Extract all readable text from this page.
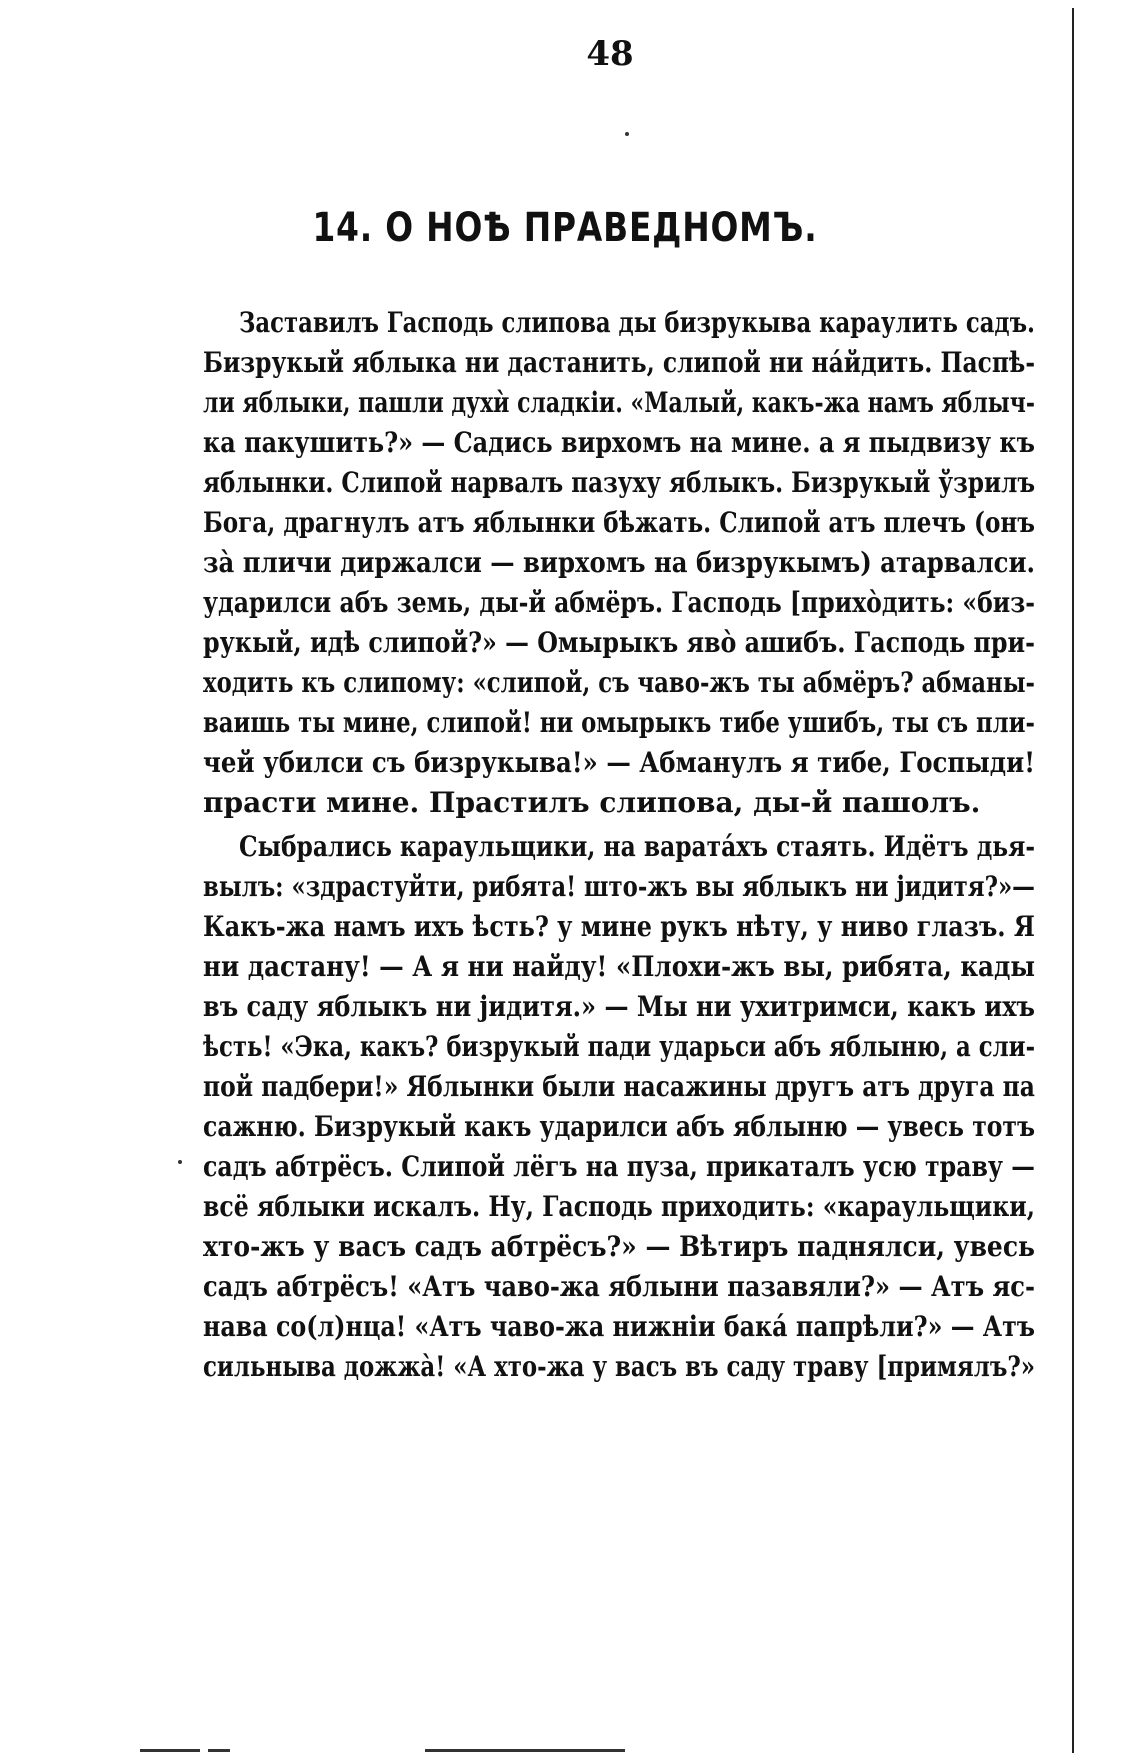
48
14. О НОѢ ПРАВЕДНОМЪ.
Заставилъ Гасподь слипова ды бизрукыва караулить садъ.
Бизрукый яблыка ни дастанить, слипой ни на́йдить. Паспѣ-
ли яблыки, пашли духѝ сладкiи. «Малый, какъ-жа намъ яблыч-
ка пакушить?» — Садись вирхомъ на мине. а я пыдвизу къ
яблынки. Слипой нарвалъ пазуху яблыкъ. Бизрукый ўзрилъ
Бога, драгнулъ атъ яблынки бѣжать. Слипой атъ плечъ (онъ
за̀ пличи диржалси — вирхомъ на бизрукымъ) атарвалси.
ударилси абъ земь, ды-й абмёръ. Гасподь [прихо̀дить: «биз-
рукый, идѣ слипой?» — Омырыкъ яво̀ ашибъ. Гасподь при-
ходить къ слипому: «слипой, съ чаво-жъ ты абмёръ? абманы-
ваишь ты мине, слипой! ни омырыкъ тибе ушибъ, ты съ пли-
чей убилси съ бизрукыва!» — Абманулъ я тибе, Госпыди!
прасти мине. Прастилъ слипова, ды-й пашолъ.
Сыбрались караульщики, на варата́хъ стаять. Идётъ дья-
вылъ: «здрастуйти, рибята! што-жъ вы яблыкъ ни јидитя?»—
Какъ-жа намъ ихъ ѣсть? у мине рукъ нѣту, у ниво глазъ. Я
ни дастану! — А я ни найду! «Плохи-жъ вы, рибята, кады
въ саду яблыкъ ни јидитя.» — Мы ни ухитримси, какъ ихъ
ѣсть! «Эка, какъ? бизрукый пади ударьси абъ яблыню, а сли-
пой падбери!» Яблынки были насажины другъ атъ друга па
сажню. Бизрукый какъ ударилси абъ яблыню — увесь тотъ
садъ абтрёсъ. Слипой лёгъ на пуза, прикаталъ усю траву —
всё яблыки искалъ. Ну, Гасподь приходить: «караульщики,
хто-жъ у васъ садъ абтрёсъ?» — Вѣтиръ паднялси, увесь
садъ абтрёсъ! «Атъ чаво-жа яблыни пазавяли?» — Атъ яс-
нава со(л)нца! «Атъ чаво-жа нижнiи бака́ папрѣли?» — Атъ
сильныва дожжа̀! «А хто-жа у васъ въ саду траву [примялъ?»
